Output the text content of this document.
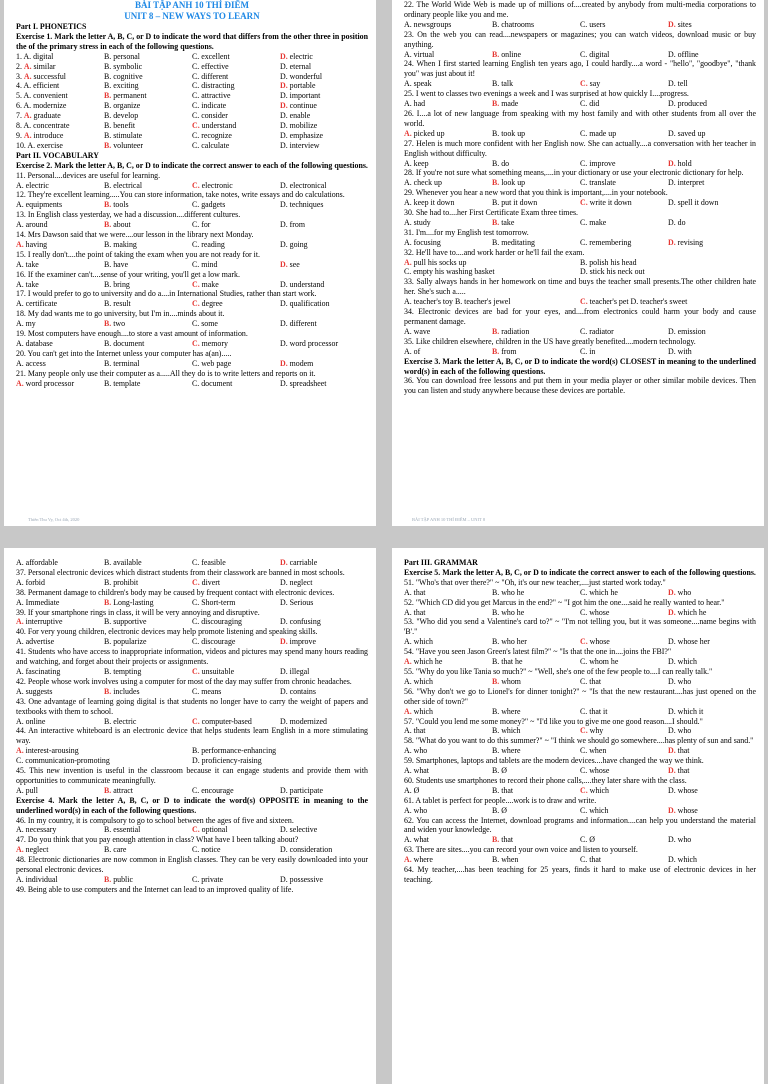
BÀI TẬP ANH 10 THÍ ĐIỂM
UNIT 8 – NEW WAYS TO LEARN
Part I. PHONETICS
Exercise 1. Mark the letter A, B, C, or D to indicate the word that differs from the other three in position the of the primary stress in each of the following questions.
1. A. digital	B. personal	C. excellent	D. electric
2. A. similar	B. symbolic	C. effective	D. eternal
3. A. successful	B. cognitive	C. different	D. wonderful
4. A. efficient	B. exciting	C. distracting	D. portable
5. A. convenient	B. permanent	C. attractive	D. important
6. A. modernize	B. organize	C. indicate	D. continue
7. A. graduate	B. develop	C. consider	D. enable
8. A. concentrate	B. benefit	C. understand	D. mobilize
9. A. introduce	B. stimulate	C. recognize	D. emphasize
10. A. exercise	B. volunteer	C. calculate	D. interview
Part II. VOCABULARY
Exercise 2. Mark the letter A, B, C, or D to indicate the correct answer to each of the following questions.
11. Personal....devices are useful for learning.
A. electric	B. electrical	C. electronic	D. electronical
12. They're excellent learning.....You can store information, take notes, write essays and do calculations.
A. equipments	B. tools	C. gadgets	D. techniques
13. In English class yesterday, we had a discussion....different cultures.
A. around	B. about	C. for	D. from
14. Mrs Dawson said that we were....our lesson in the library next Monday.
A. having	B. making	C. reading	D. going
15. I really don't....the point of taking the exam when you are not ready for it.
A. take	B. have	C. mind	D. see
16. If the examiner can't....sense of your writing, you'll get a low mark.
A. take	B. bring	C. make	D. understand
17. I would prefer to go to university and do a....in International Studies, rather than start work.
A. certificate	B. result	C. degree	D. qualification
18. My dad wants me to go university, but I'm in....minds about it.
A. my	B. two	C. some	D. different
19. Most computers have enough....to store a vast amount of information.
A. database	B. document	C. memory	D. word processor
20. You can't get into the Internet unless your computer has a(an).....
A. access	B. terminal	C. web page	D. modem
21. Many people only use their computer as a.....All they do is to write letters and reports on it.
A. word processor	B. template	C. document	D. spreadsheet
Thiên Thu Vy, Oct 4th, 2020
22. The World Wide Web is made up of millions of....created by anybody from multi-media corporations to ordinary people like you and me.
A. newsgroups	B. chatrooms	C. users	D. sites
23. On the web you can read....newspapers or magazines; you can watch videos, download music or buy anything.
A. virtual	B. online	C. digital	D. offline
24. When I first started learning English ten years ago, I could hardly....a word - "hello", "goodbye", "thank you" was just about it!
A. speak	B. talk	C. say	D. tell
25. I went to classes two evenings a week and I was surprised at how quickly I....progress.
A. had	B. made	C. did	D. produced
26. I....a lot of new language from speaking with my host family and with other students from all over the world.
A. picked up	B. took up	C. made up	D. saved up
27. Helen is much more confident with her English now. She can actually....a conversation with her teacher in English without difficulty.
A. keep	B. do	C. improve	D. hold
28. If you're not sure what something means,....in your dictionary or use your electronic dictionary for help.
A. check up	B. look up	C. translate	D. interpret
29. Whenever you hear a new word that you think is important,....in your notebook.
A. keep it down	B. put it down	C. write it down	D. spell it down
30. She had to....her First Certificate Exam three times.
A. study	B. take	C. make	D. do
31. I'm....for my English test tomorrow.
A. focusing	B. meditating	C. remembering	D. revising
32. He'll have to....and work harder or he'll fail the exam.
A. pull his socks up	B. polish his head
C. empty his washing basket	D. stick his neck out
33. Sally always hands in her homework on time and buys the teacher small presents.The other children hate her. She's such a.....
A. teacher's toy B. teacher's jewel	C. teacher's pet D. teacher's sweet
34. Electronic devices are bad for your eyes, and....from electronics could harm your body and cause permanent damage.
A. wave	B. radiation	C. radiator	D. emission
35. Like children elsewhere, children in the US have greatly benefited....modern technology.
A. of	B. from	C. in	D. with
Exercise 3. Mark the letter A, B, C, or D to indicate the word(s) CLOSEST in meaning to the underlined word(s) in each of the following questions.
36. You can download free lessons and put them in your media player or other similar mobile devices. Then you can listen and study anywhere because these devices are portable.
BÀI TẬP ANH 10 THÍ ĐIỂM – UNIT 8
A. affordable	B. available	C. feasible	D. carriable
37. Personal electronic devices which distract students from their classwork are banned in most schools.
A. forbid	B. prohibit	C. divert	D. neglect
38. Permanent damage to children's body may be caused by frequent contact with electronic devices.
A. Immediate	B. Long-lasting	C. Short-term	D. Serious
39. If your smartphone rings in class, it will be very annoying and disruptive.
A. interruptive	B. supportive	C. discouraging	D. confusing
40. For very young children, electronic devices may help promote listening and speaking skills.
A. advertise	B. popularize	C. discourage	D. improve
41. Students who have access to inappropriate information, videos and pictures may spend many hours reading and watching, and forget about their projects or assignments.
A. fascinating	B. tempting	C. unsuitable	D. illegal
42. People whose work involves using a computer for most of the day may suffer from chronic headaches.
A. suggests	B. includes	C. means	D. contains
43. One advantage of learning going digital is that students no longer have to carry the weight of papers and textbooks with them to school.
A. online	B. electric	C. computer-based	D. modernized
44. An interactive whiteboard is an electronic device that helps students learn English in a more stimulating way.
A. interest-arousing	B. performance-enhancing
C. communication-promoting	D. proficiency-raising
45. This new invention is useful in the classroom because it can engage students and provide them with opportunities to communicate meaningfully.
A. pull	B. attract	C. encourage	D. participate
Exercise 4. Mark the letter A, B, C, or D to indicate the word(s) OPPOSITE in meaning to the underlined word(s) in each of the following questions.
46. In my country, it is compulsory to go to school between the ages of five and sixteen.
A. necessary	B. essential	C. optional	D. selective
47. Do you think that you pay enough attention in class? What have I been talking about?
A. neglect	B. care	C. notice	D. consideration
48. Electronic dictionaries are now common in English classes. They can be very easily downloaded into your personal electronic devices.
A. individual	B. public	C. private	D. possessive
49. Being able to use computers and the Internet can lead to an improved quality of life.
Part III. GRAMMAR
Exercise 5. Mark the letter A, B, C, or D to indicate the correct answer to each of the following questions.
51. "Who's that over there?" ~ "Oh, it's our new teacher,....just started work today."
A. that	B. who he	C. which he	D. who
52. "Which CD did you get Marcus in the end?" ~ "I got him the one....said he really wanted to hear."
A. that	B. who he	C. whose	D. which he
53. "Who did you send a Valentine's card to?" ~ "I'm not telling you, but it was someone....name begins with 'B'."
A. which	B. who her	C. whose	D. whose her
54. "Have you seen Jason Green's latest film?" ~ "Is that the one in....joins the FBI?"
A. which he	B. that he	C. whom he	D. which
55. "Why do you like Tania so much?" ~ "Well, she's one of the few people to....I can really talk."
A. which	B. whom	C. that	D. who
56. "Why don't we go to Lionel's for dinner tonight?" ~ "Is that the new restaurant....has just opened on the other side of town?"
A. which	B. where	C. that it	D. which it
57. "Could you lend me some money?" ~ "I'd like you to give me one good reason....I should."
A. that	B. which	C. why	D. who
58. "What do you want to do this summer?" ~ "I think we should go somewhere....has plenty of sun and sand."
A. who	B. where	C. when	D. that
59. Smartphones, laptops and tablets are the modern devices....have changed the way we think.
A. what	B. Ø	C. whose	D. that
60. Students use smartphones to record their phone calls,....they later share with the class.
A. Ø	B. that	C. which	D. whose
61. A tablet is perfect for people....work is to draw and write.
A. who	B. Ø	C. which	D. whose
62. You can access the Internet, download programs and information....can help you understand the material and widen your knowledge.
A. what	B. that	C. Ø	D. who
63. There are sites....you can record your own voice and listen to yourself.
A. where	B. when	C. that	D. which
64. My teacher,....has been teaching for 25 years, finds it hard to make use of electronic devices in her teaching.
